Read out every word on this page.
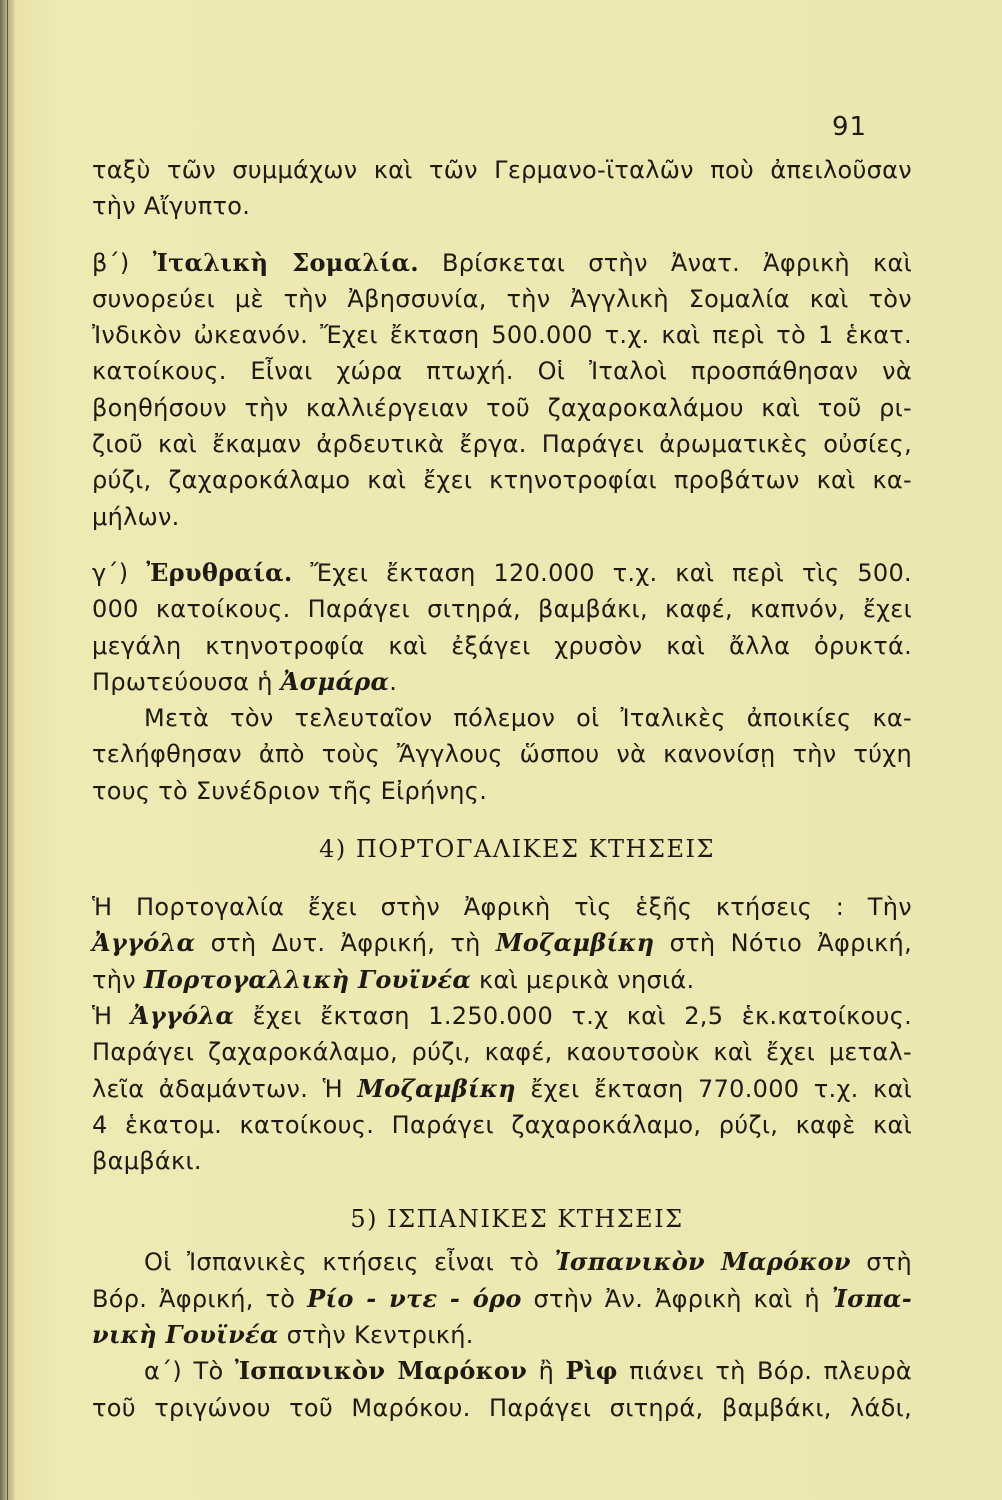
91
ταξὺ τῶν συμμάχων καὶ τῶν Γερμανο-ϊταλῶν ποὺ ἀπειλοῦσαν
τὴν Αἴγυπτο.
β΄) Ἰταλικὴ Σομαλία. Βρίσκεται στὴν Ἀνατ. Ἀφρικὴ καὶ
συνορεύει μὲ τὴν Ἀβησσυνία, τὴν Ἀγγλικὴ Σομαλία καὶ τὸν
Ἰνδικὸν ὠκεανόν. Ἔχει ἔκταση 500.000 τ.χ. καὶ περὶ τὸ 1 ἑκατ.
κατοίκους. Εἶναι χώρα πτωχή. Οἱ Ἰταλοὶ προσπάθησαν νὰ
βοηθήσουν τὴν καλλιέργειαν τοῦ ζαχαροκαλάμου καὶ τοῦ ρι-
ζιοῦ καὶ ἔκαμαν ἀρδευτικὰ ἔργα. Παράγει ἀρωματικὲς οὐσίες,
ρύζι, ζαχαροκάλαμο καὶ ἔχει κτηνοτροφίαι προβάτων καὶ κα-
μήλων.
γ΄) Ἐρυθραία. Ἔχει ἔκταση 120.000 τ.χ. καὶ περὶ τὶς 500.
000 κατοίκους. Παράγει σιτηρά, βαμβάκι, καφέ, καπνόν, ἔχει
μεγάλη κτηνοτροφία καὶ ἐξάγει χρυσὸν καὶ ἄλλα ὀρυκτά.
Πρωτεύουσα ἡ Ἀσμάρα.
Μετὰ τὸν τελευταῖον πόλεμον οἱ Ἰταλικὲς ἀποικίες κα-
τελήφθησαν ἀπὸ τοὺς Ἄγγλους ὥσπου νὰ κανονίσῃ τὴν τύχη
τους τὸ Συνέδριον τῆς Εἰρήνης.
4) ΠΟΡΤΟΓΑΛΙΚΕΣ ΚΤΗΣΕΙΣ
Ἡ Πορτογαλία ἔχει στὴν Ἀφρικὴ τὶς ἑξῆς κτήσεις : Τὴν
Ἀγγόλα στὴ Δυτ. Ἀφρική, τὴ Μοζαμβίκη στὴ Νότιο Ἀφρική,
τὴν Πορτογαλλικὴ Γουϊνέα καὶ μερικὰ νησιά.
Ἡ Ἀγγόλα ἔχει ἔκταση 1.250.000 τ.χ καὶ 2,5 ἑκ.κατοίκους.
Παράγει ζαχαροκάλαμο, ρύζι, καφέ, καουτσοὺκ καὶ ἔχει μεταλ-
λεῖα ἀδαμάντων. Ἡ Μοζαμβίκη ἔχει ἔκταση 770.000 τ.χ. καὶ
4 ἑκατομ. κατοίκους. Παράγει ζαχαροκάλαμο, ρύζι, καφὲ καὶ
βαμβάκι.
5) ΙΣΠΑΝΙΚΕΣ ΚΤΗΣΕΙΣ
Οἱ Ἰσπανικὲς κτήσεις εἶναι τὸ Ἰσπανικὸν Μαρόκον στὴ
Βόρ. Ἀφρική, τὸ Ρίο - ντε - όρο στὴν Ἀν. Ἀφρικὴ καὶ ἡ Ἰσπα-
νικὴ Γουϊνέα στὴν Κεντρική.
α΄) Τὸ Ἰσπανικὸν Μαρόκον ἢ Ρὶφ πιάνει τὴ Βόρ. πλευρὰ
τοῦ τριγώνου τοῦ Μαρόκου. Παράγει σιτηρά, βαμβάκι, λάδι,
